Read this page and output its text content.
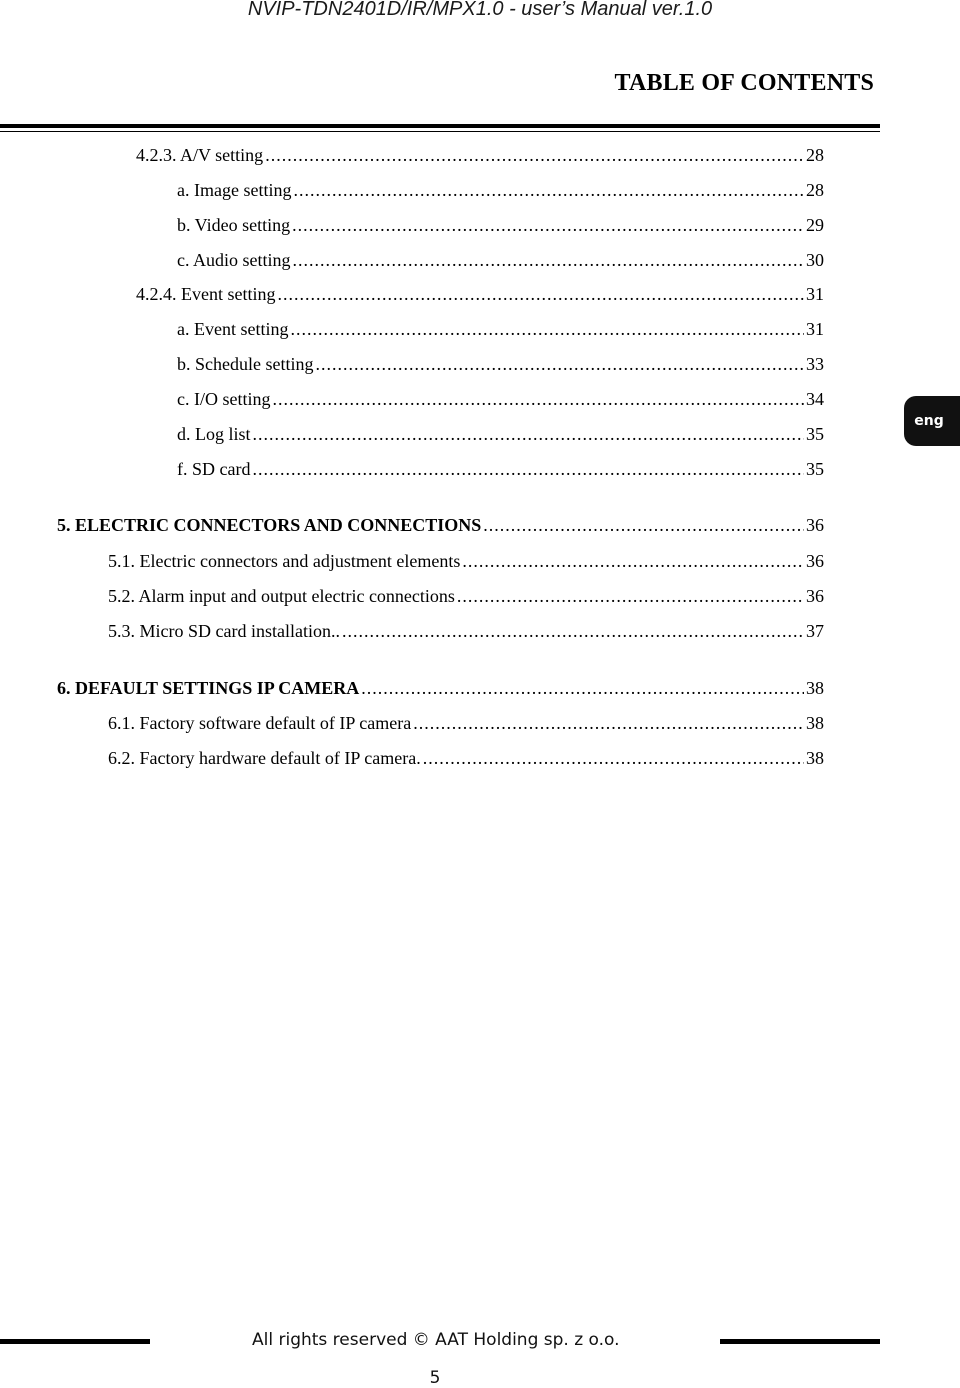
NVIP-TDN2401D/IR/MPX1.0 - user’s Manual ver.1.0
TABLE OF CONTENTS
eng
4.2.3. A/V setting .....	28
a. Image setting .....	28
b. Video setting .....	29
c. Audio setting .....	30
4.2.4. Event setting .....	31
a. Event setting .....	31
b. Schedule setting .....	33
c. I/O setting .....	34
d. Log list .....	35
f. SD card .....	35
5. ELECTRIC CONNECTORS AND CONNECTIONS .....	36
5.1. Electric connectors and adjustment elements .....	36
5.2. Alarm input and output electric connections .....	36
5.3. Micro SD card installation.. .....	37
6. DEFAULT SETTINGS IP CAMERA .....	38
6.1. Factory software default of IP camera .....	38
6.2. Factory hardware default of IP camera. .....	38
All rights reserved © AAT Holding sp. z o.o.
5
